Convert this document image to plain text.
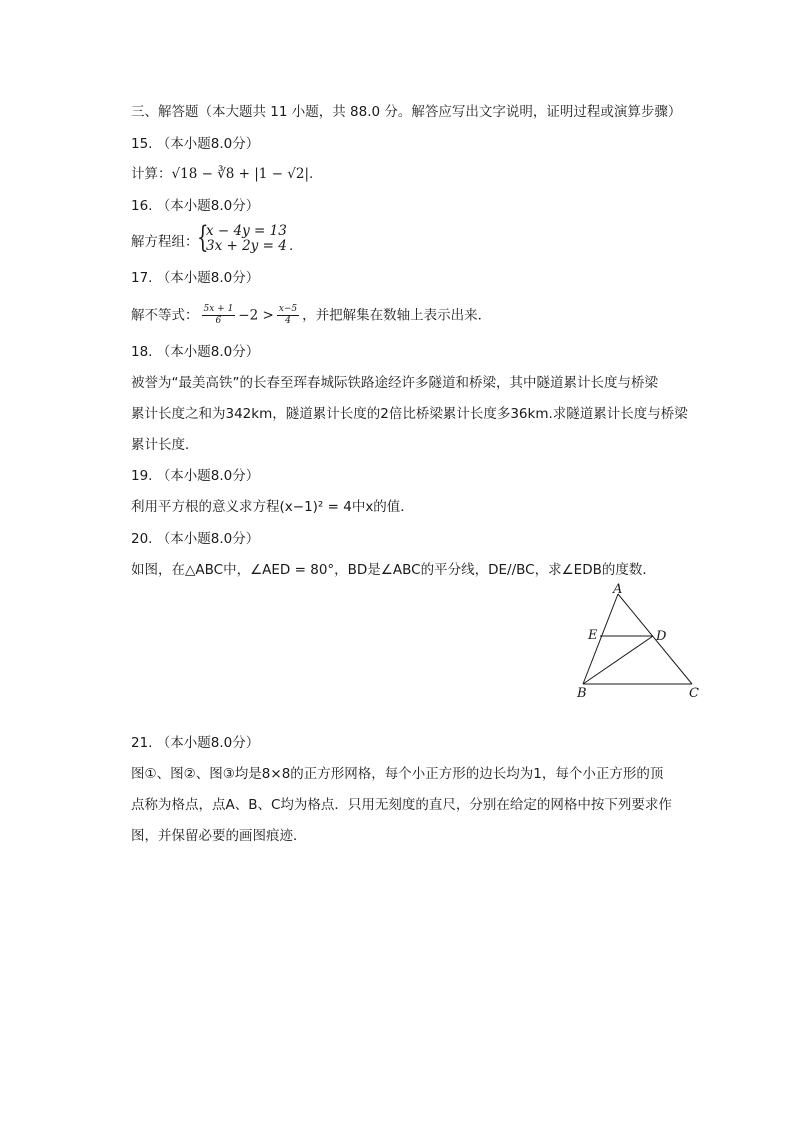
三、解答题（本大题共 11 小题，共 88.0 分。解答应写出文字说明，证明过程或演算步骤）
15. （本小题8.0分）
计算：√18 − ∛8 + |1 − √2|.
16. （本小题8.0分）
解方程组：
{
x − 4y = 13
3x + 2y = 4 .
17. （本小题8.0分）
解不等式： $\frac{5x + 1}{6} -2 > \frac{x-5}{4}$ ，并把解集在数轴上表示出来．
18. （本小题8.0分）
被誉为“最美高铁”的长春至珲春城际铁路途经许多隧道和桥梁，其中隧道累计长度与桥梁
累计长度之和为342km，隧道累计长度的2倍比桥梁累计长度多36km.求隧道累计长度与桥梁
累计长度．
19. （本小题8.0分）
利用平方根的意义求方程(x−1)² = 4中x的值．
20. （本小题8.0分）
如图，在△ABC中，∠AED = 80°，BD是∠ABC的平分线，DE//BC，求∠EDB的度数．
A
E	D
B	C
21. （本小题8.0分）
图①、图②、图③均是8×8的正方形网格，每个小正方形的边长均为1，每个小正方形的顶
点称为格点，点A、B、C均为格点．只用无刻度的直尺，分别在给定的网格中按下列要求作
图，并保留必要的画图痕迹．
